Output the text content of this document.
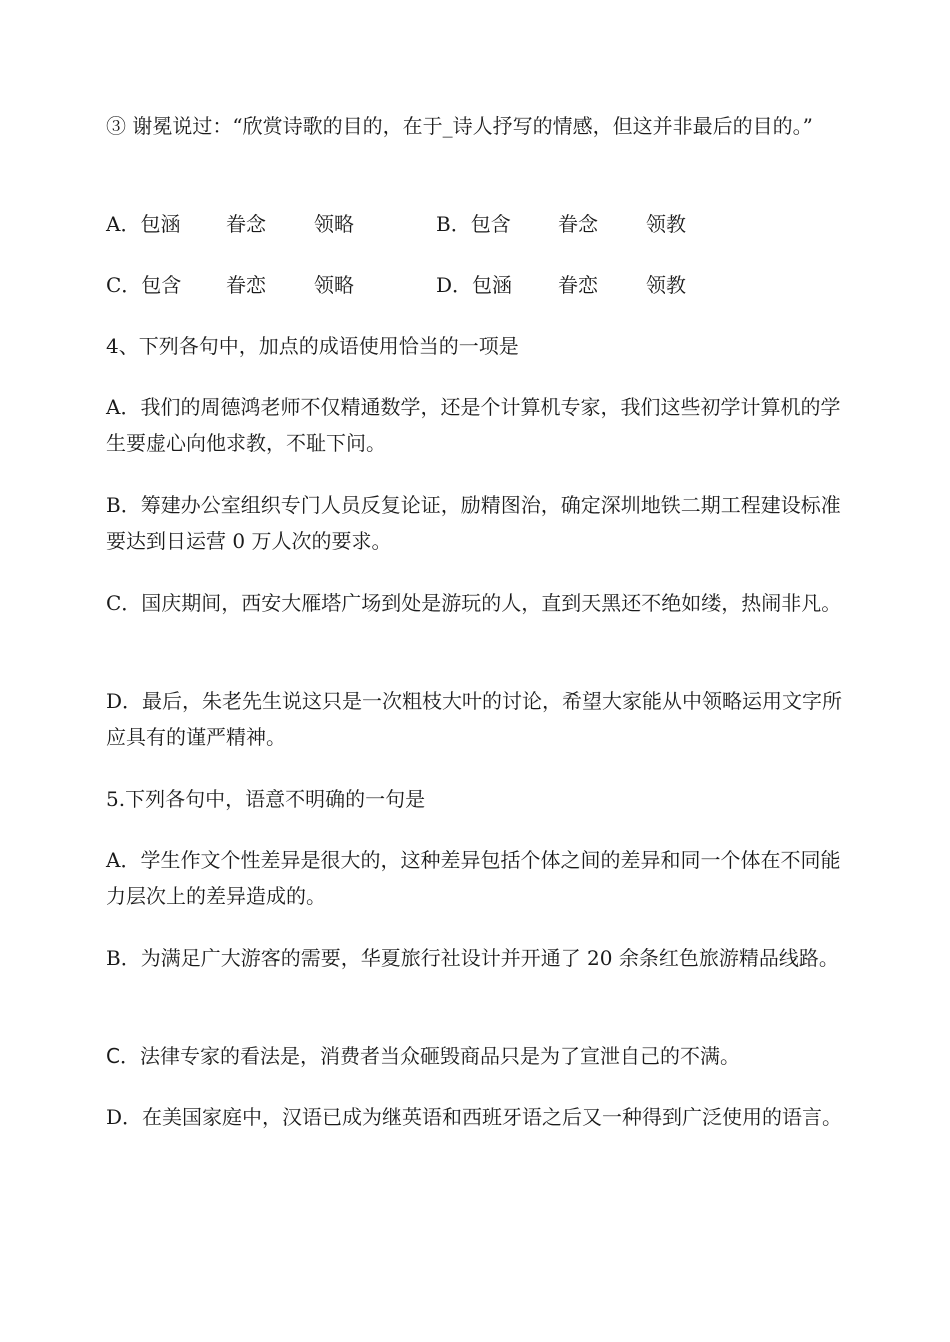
③ 谢冕说过：“欣赏诗歌的目的，在于_诗人抒写的情感，但这并非最后的目的。”

A．包涵 眷念 领略	B．包含 眷念 领教
C．包含 眷恋 领略	D．包涵 眷恋 领教

4、下列各句中，加点的成语使用恰当的一项是

A．我们的周德鸿老师不仅精通数学，还是个计算机专家，我们这些初学计算机的学生要虚心向他求教，不耻下问。

B．筹建办公室组织专门人员反复论证，励精图治，确定深圳地铁二期工程建设标准要达到日运营 0 万人次的要求。

C．国庆期间，西安大雁塔广场到处是游玩的人，直到天黑还不绝如缕，热闹非凡。

D．最后，朱老先生说这只是一次粗枝大叶的讨论，希望大家能从中领略运用文字所应具有的谨严精神。

5.下列各句中，语意不明确的一句是

A．学生作文个性差异是很大的，这种差异包括个体之间的差异和同一个体在不同能力层次上的差异造成的。

B．为满足广大游客的需要，华夏旅行社设计并开通了 20 余条红色旅游精品线路。

C．法律专家的看法是，消费者当众砸毁商品只是为了宣泄自己的不满。

D．在美国家庭中，汉语已成为继英语和西班牙语之后又一种得到广泛使用的语言。
